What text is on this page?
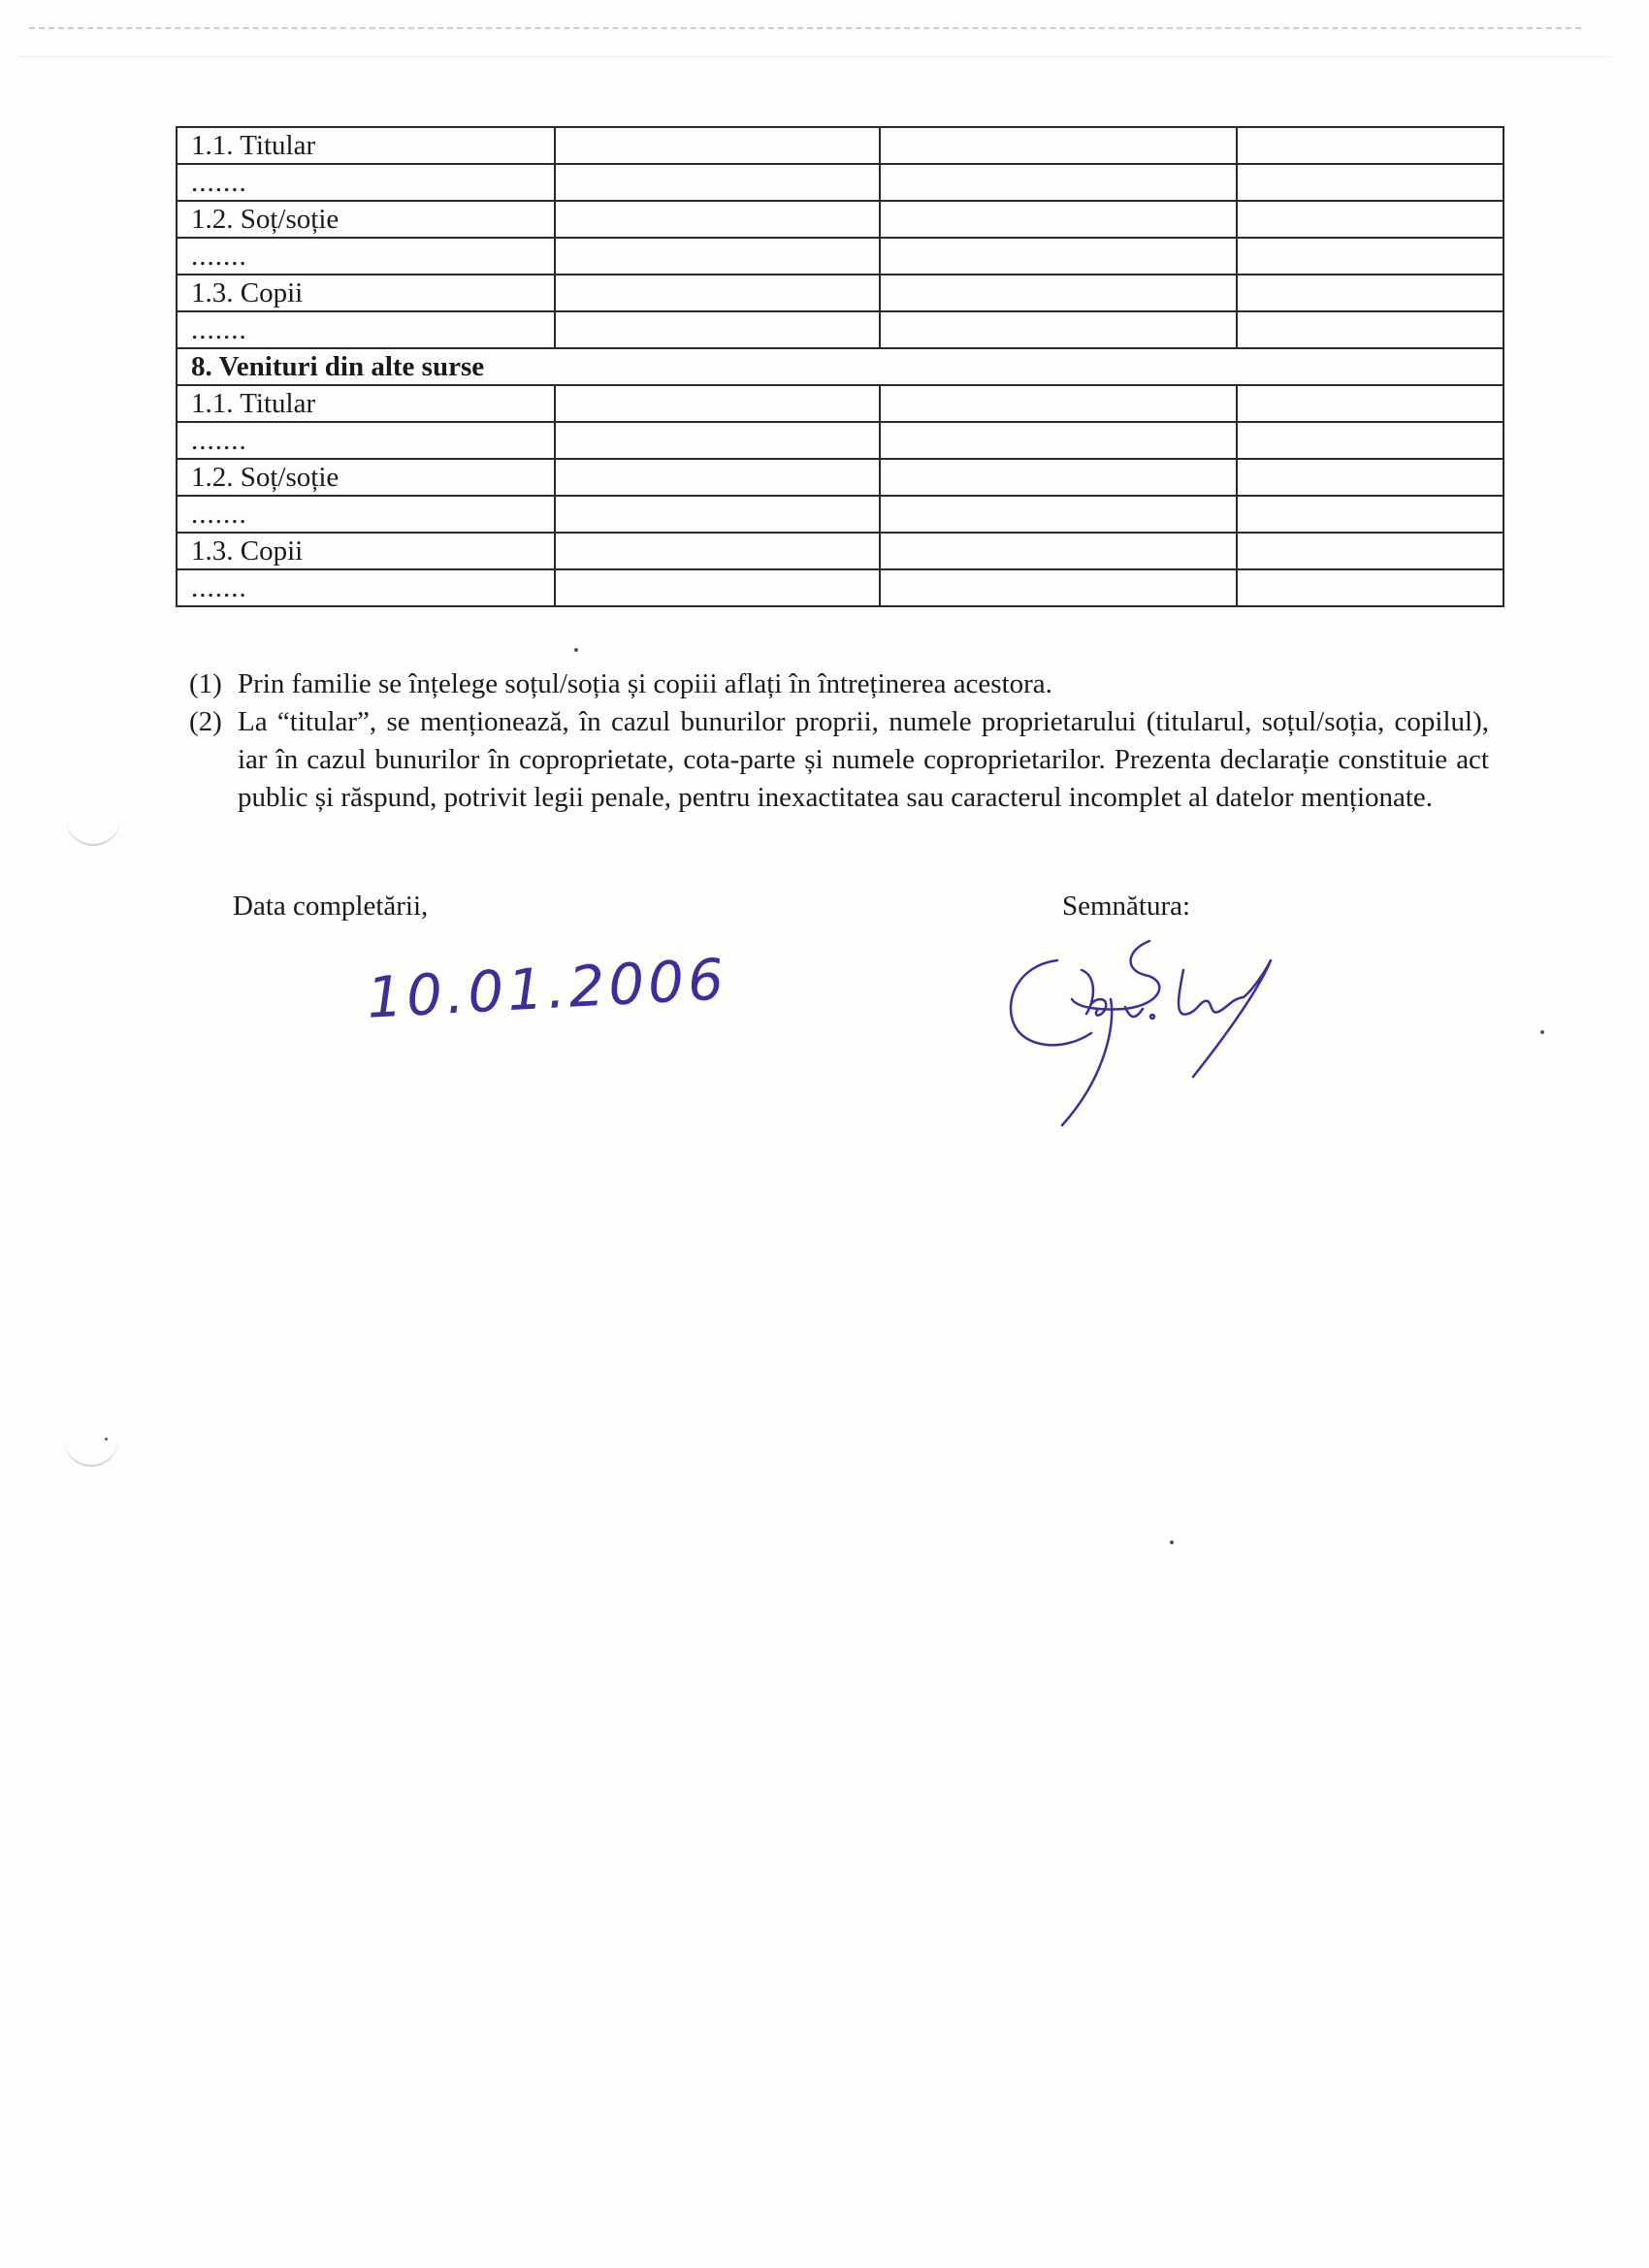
1.1. Titular			
.......			
1.2. Soț/soție			
.......			
1.3. Copii			
.......			
8. Venituri din alte surse			
1.1. Titular			
.......			
1.2. Soț/soție			
.......			
1.3. Copii			
.......			
(1) Prin familie se înțelege soțul/soția și copiii aflați în întreținerea acestora.
(2) La “titular”, se menționează, în cazul bunurilor proprii, numele proprietarului (titularul, soțul/soția, copilul), iar în cazul bunurilor în coproprietate, cota-parte și numele coproprietarilor. Prezenta declarație constituie act public și răspund, potrivit legii penale, pentru inexactitatea sau caracterul incomplet al datelor menționate.
Data completării,	Semnătura:
10.01.2006
